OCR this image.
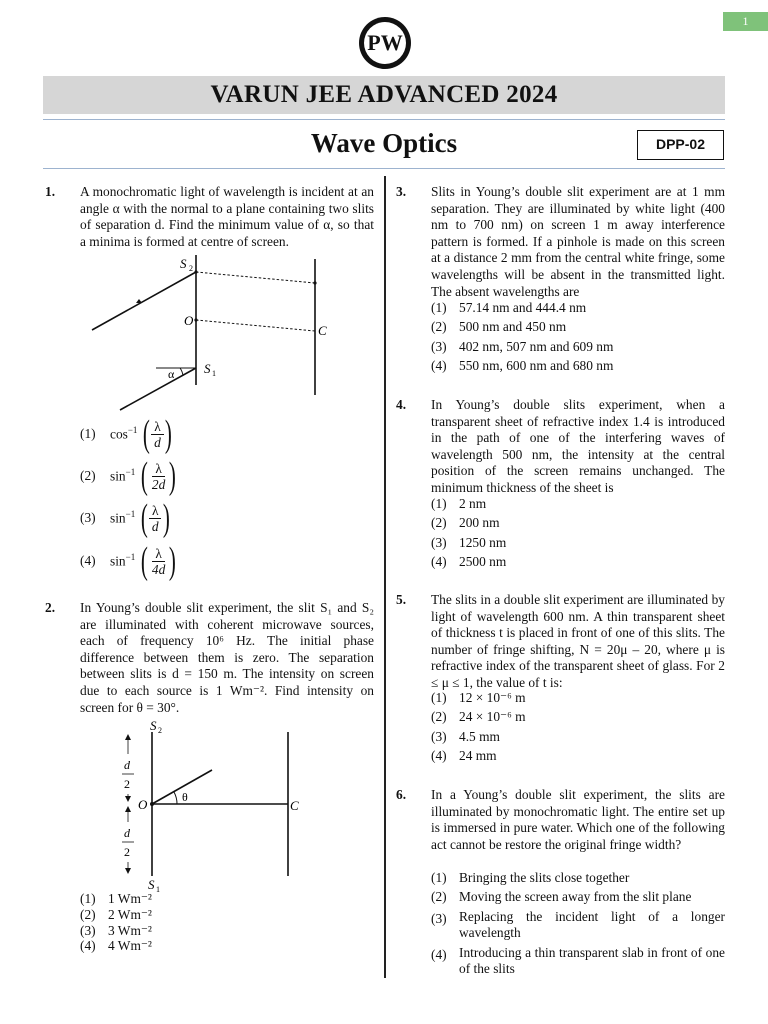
1
PW
VARUN JEE ADVANCED 2024
Wave Optics	DPP-02
1. A monochromatic light of wavelength is incident at an angle α with the normal to a plane containing two slits of separation d. Find the minimum value of α, so that a minima is formed at centre of screen.
S 2
O
C
α S 1
(1)	$\cos^{-1}$ ( $\frac{\lambda}{d}$ )
(2)	$\sin^{-1}$ ( $\frac{\lambda}{2d}$ )
(3)	$\sin^{-1}$ ( $\frac{\lambda}{d}$ )
(4)	$\sin^{-1}$ ( $\frac{\lambda}{4d}$ )
2. In Young’s double slit experiment, the slit S₁ and S₂
are illuminated with coherent microwave sources,
each of frequency 10⁶ Hz. The initial phase
difference between them is zero. The separation
between slits is d = 150 m. The intensity on screen
due to each source is 1 Wm⁻². Find intensity on
screen for θ = 30°.
d
2
d
2
S 2
O	θ
C
S 1
(1) 1 Wm⁻²
(2) 2 Wm⁻²
(3) 3 Wm⁻²
(4) 4 Wm⁻²
3. Slits in Young’s double slit experiment are at 1 mm separation. They are illuminated by white light (400 nm to 700 nm) on screen 1 m away interference pattern is formed. If a pinhole is made on this screen at a distance 2 mm from the central white fringe, some wavelengths will be absent in the transmitted light. The absent wavelengths are
(1) 57.14 nm and 444.4 nm
(2) 500 nm and 450 nm
(3) 402 nm, 507 nm and 609 nm
(4) 550 nm, 600 nm and 680 nm
4. In Young’s double slits experiment, when a transparent sheet of refractive index 1.4 is introduced in the path of one of the interfering waves of wavelength 500 nm, the intensity at the central position of the screen remains unchanged. The minimum thickness of the sheet is
(1) 2 nm
(2) 200 nm
(3) 1250 nm
(4) 2500 nm
5. The slits in a double slit experiment are illuminated by light of wavelength 600 nm. A thin transparent sheet of thickness t is placed in front of one of this slits. The number of fringe shifting, N = 20μ – 20, where μ is refractive index of the transparent sheet of glass. For 2 ≤ μ ≤ 1, the value of t is:
(1) 12 × 10⁻⁶ m
(2) 24 × 10⁻⁶ m
(3) 4.5 mm
(4) 24 mm
6. In a Young’s double slit experiment, the slits are illuminated by monochromatic light. The entire set up is immersed in pure water. Which one of the following act cannot be restore the original fringe width?
(1) Bringing the slits close together
(2) Moving the screen away from the slit plane
(3) Replacing the incident light of a longer wavelength
(4) Introducing a thin transparent slab in front of one of the slits
